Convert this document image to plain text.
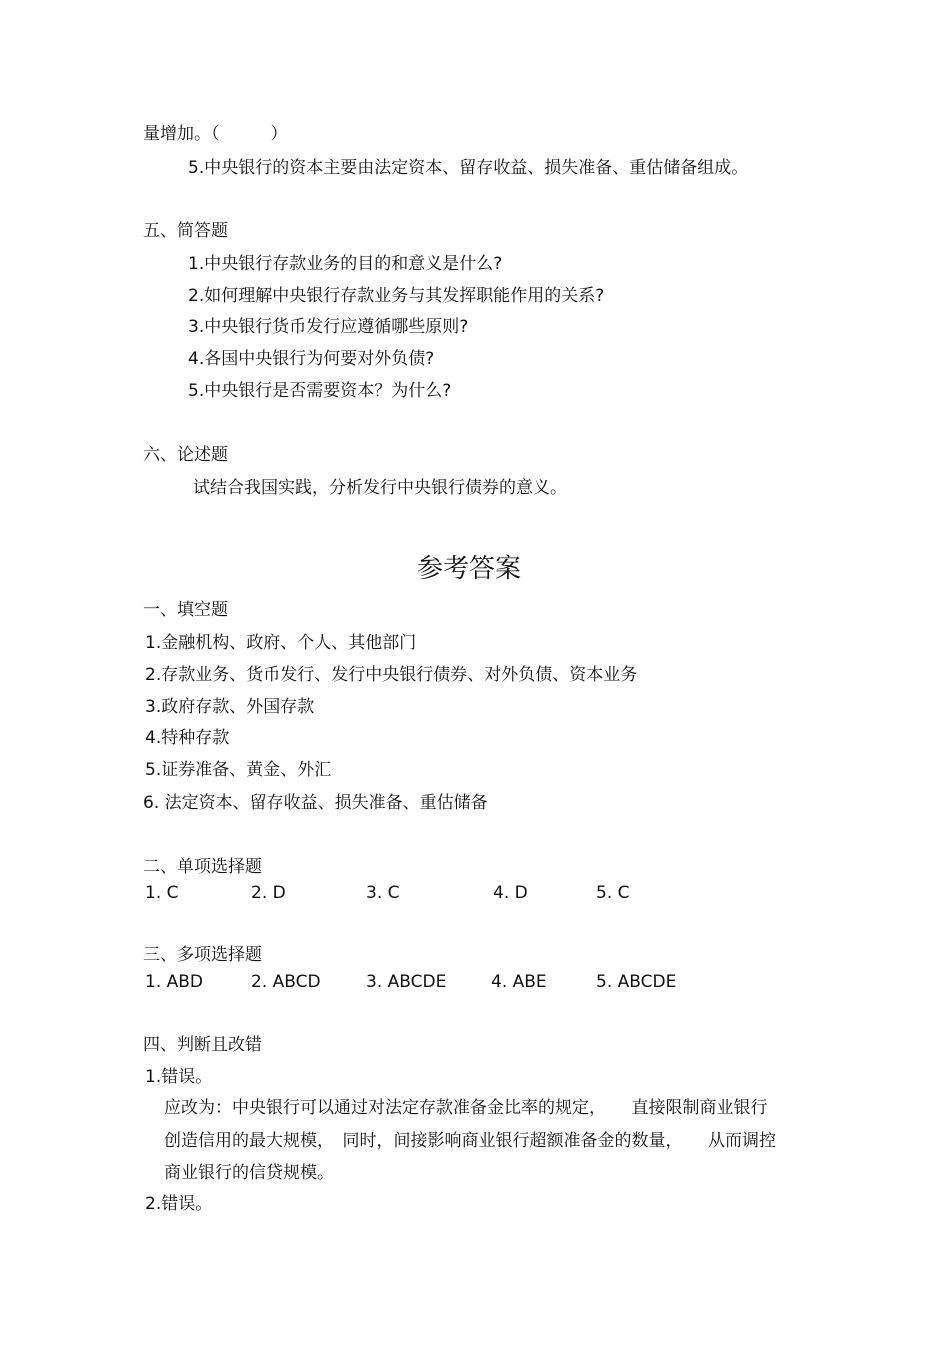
量增加。（　　　）
5.中央银行的资本主要由法定资本、留存收益、损失准备、重估储备组成。
五、简答题
1.中央银行存款业务的目的和意义是什么?
2.如何理解中央银行存款业务与其发挥职能作用的关系?
3.中央银行货币发行应遵循哪些原则?
4.各国中央银行为何要对外负债?
5.中央银行是否需要资本？为什么?
六、论述题
试结合我国实践，分析发行中央银行债券的意义。
参考答案
一、填空题
1.金融机构、政府、个人、其他部门
2.存款业务、货币发行、发行中央银行债券、对外负债、资本业务
3.政府存款、外国存款
4.特种存款
5.证券准备、黄金、外汇
6. 法定资本、留存收益、损失准备、重估储备
二、单项选择题
1. C	2. D	3. C	4. D	5. C
三、多项选择题
1. ABD	2. ABCD	3. ABCDE	4. ABE	5. ABCDE
四、判断且改错
1.错误。
应改为：中央银行可以通过对法定存款准备金比率的规定，　　直接限制商业银行
创造信用的最大规模，　同时，间接影响商业银行超额准备金的数量，　　从而调控
商业银行的信贷规模。
2.错误。
